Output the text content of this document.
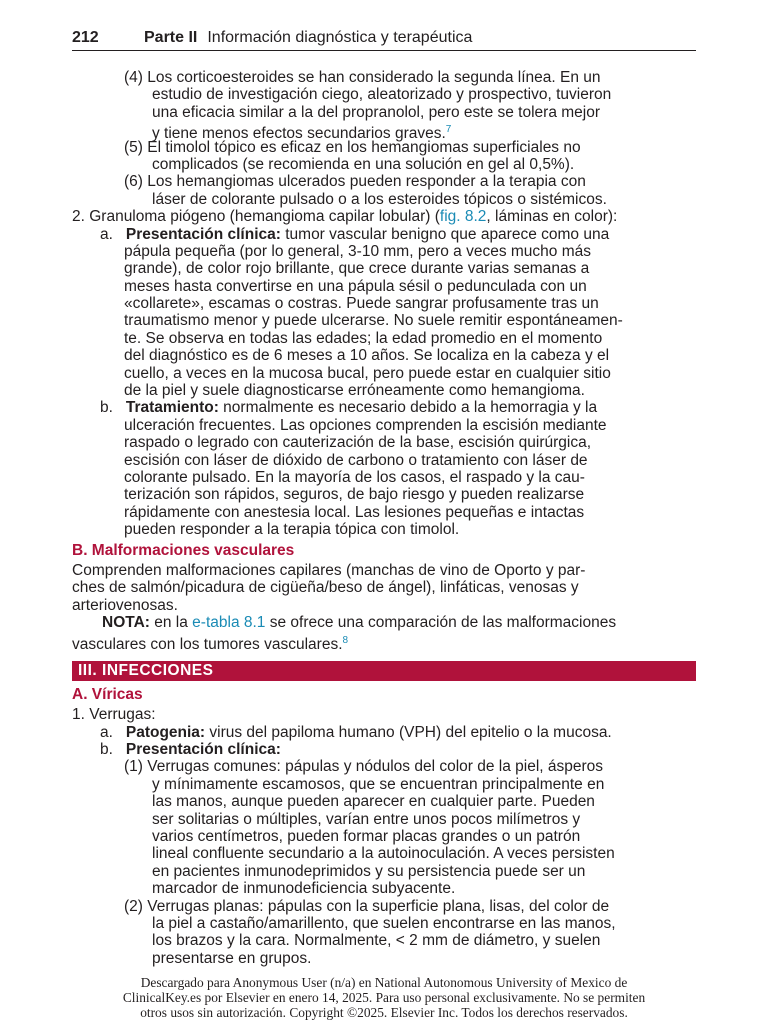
212	Parte II Información diagnóstica y terapéutica
(4) Los corticoesteroides se han considerado la segunda línea. En un
estudio de investigación ciego, aleatorizado y prospectivo, tuvieron
una eficacia similar a la del propranolol, pero este se tolera mejor
y tiene menos efectos secundarios graves.$^7$
(5) El timolol tópico es eficaz en los hemangiomas superficiales no
complicados (se recomienda en una solución en gel al 0,5%).
(6) Los hemangiomas ulcerados pueden responder a la terapia con
láser de colorante pulsado o a los esteroides tópicos o sistémicos.
2. Granuloma piógeno (hemangioma capilar lobular) (fig. 8.2, láminas en color):
a. Presentación clínica: tumor vascular benigno que aparece como una
pápula pequeña (por lo general, 3-10 mm, pero a veces mucho más
grande), de color rojo brillante, que crece durante varias semanas a
meses hasta convertirse en una pápula sésil o pedunculada con un
«collarete», escamas o costras. Puede sangrar profusamente tras un
traumatismo menor y puede ulcerarse. No suele remitir espontáneamen-
te. Se observa en todas las edades; la edad promedio en el momento
del diagnóstico es de 6 meses a 10 años. Se localiza en la cabeza y el
cuello, a veces en la mucosa bucal, pero puede estar en cualquier sitio
de la piel y suele diagnosticarse erróneamente como hemangioma.
b. Tratamiento: normalmente es necesario debido a la hemorragia y la
ulceración frecuentes. Las opciones comprenden la escisión mediante
raspado o legrado con cauterización de la base, escisión quirúrgica,
escisión con láser de dióxido de carbono o tratamiento con láser de
colorante pulsado. En la mayoría de los casos, el raspado y la cau-
terización son rápidos, seguros, de bajo riesgo y pueden realizarse
rápidamente con anestesia local. Las lesiones pequeñas e intactas
pueden responder a la terapia tópica con timolol.
B. Malformaciones vasculares
Comprenden malformaciones capilares (manchas de vino de Oporto y par-
ches de salmón/picadura de cigüeña/beso de ángel), linfáticas, venosas y
arteriovenosas.
NOTA: en la e-tabla 8.1 se ofrece una comparación de las malformaciones
vasculares con los tumores vasculares.$^8$
III. INFECCIONES
A. Víricas
1. Verrugas:
a. Patogenia: virus del papiloma humano (VPH) del epitelio o la mucosa.
b. Presentación clínica:
(1) Verrugas comunes: pápulas y nódulos del color de la piel, ásperos
y mínimamente escamosos, que se encuentran principalmente en
las manos, aunque pueden aparecer en cualquier parte. Pueden
ser solitarias o múltiples, varían entre unos pocos milímetros y
varios centímetros, pueden formar placas grandes o un patrón
lineal confluente secundario a la autoinoculación. A veces persisten
en pacientes inmunodeprimidos y su persistencia puede ser un
marcador de inmunodeficiencia subyacente.
(2) Verrugas planas: pápulas con la superficie plana, lisas, del color de
la piel a castaño/amarillento, que suelen encontrarse en las manos,
los brazos y la cara. Normalmente, < 2 mm de diámetro, y suelen
presentarse en grupos.
Descargado para Anonymous User (n/a) en National Autonomous University of Mexico de
ClinicalKey.es por Elsevier en enero 14, 2025. Para uso personal exclusivamente. No se permiten
otros usos sin autorización. Copyright ©2025. Elsevier Inc. Todos los derechos reservados.
